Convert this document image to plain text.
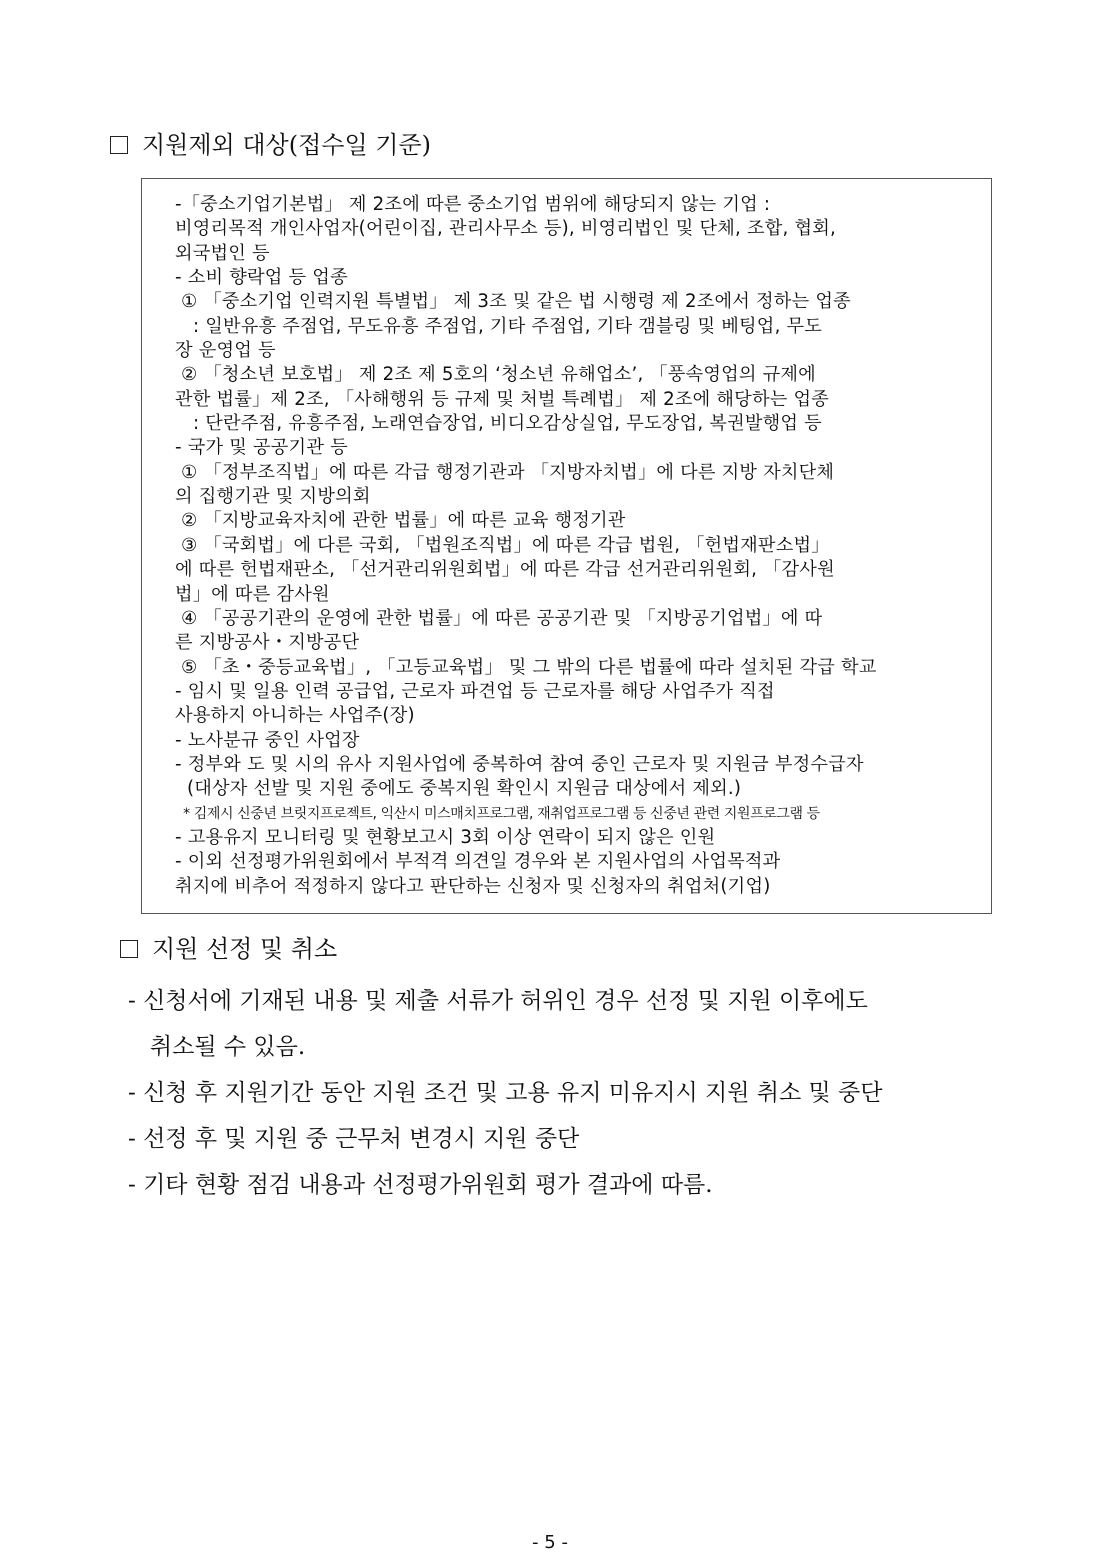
지원제외 대상(접수일 기준)
-「중소기업기본법」 제 2조에 따른 중소기업 범위에 해당되지 않는 기업 :
비영리목적 개인사업자(어린이집, 관리사무소 등), 비영리법인 및 단체, 조합, 협회,
외국법인 등
- 소비 향락업 등 업종
① 「중소기업 인력지원 특별법」 제 3조 및 같은 법 시행령 제 2조에서 정하는 업종
: 일반유흥 주점업, 무도유흥 주점업, 기타 주점업, 기타 갬블링 및 베팅업, 무도
장 운영업 등
② 「청소년 보호법」 제 2조 제 5호의 ‘청소년 유해업소’, 「풍속영업의 규제에
관한 법률」제 2조, 「사해행위 등 규제 및 처벌 특례법」 제 2조에 해당하는 업종
: 단란주점, 유흥주점, 노래연습장업, 비디오감상실업, 무도장업, 복권발행업 등
- 국가 및 공공기관 등
① 「정부조직법」에 따른 각급 행정기관과 「지방자치법」에 다른 지방 자치단체
의 집행기관 및 지방의회
② 「지방교육자치에 관한 법률」에 따른 교육 행정기관
③ 「국회법」에 다른 국회, 「법원조직법」에 따른 각급 법원, 「헌법재판소법」
에 따른 헌법재판소, 「선거관리위원회법」에 따른 각급 선거관리위원회, 「감사원
법」에 따른 감사원
④ 「공공기관의 운영에 관한 법률」에 따른 공공기관 및 「지방공기업법」에 따
른 지방공사・지방공단
⑤ 「초・중등교육법」, 「고등교육법」 및 그 밖의 다른 법률에 따라 설치된 각급 학교
- 임시 및 일용 인력 공급업, 근로자 파견업 등 근로자를 해당 사업주가 직접
사용하지 아니하는 사업주(장)
- 노사분규 중인 사업장
- 정부와 도 및 시의 유사 지원사업에 중복하여 참여 중인 근로자 및 지원금 부정수급자
(대상자 선발 및 지원 중에도 중복지원 확인시 지원금 대상에서 제외.)
* 김제시 신중년 브릿지프로젝트, 익산시 미스매치프로그램, 재취업프로그램 등 신중년 관련 지원프로그램 등
- 고용유지 모니터링 및 현황보고시 3회 이상 연락이 되지 않은 인원
- 이외 선정평가위원회에서 부적격 의견일 경우와 본 지원사업의 사업목적과
취지에 비추어 적정하지 않다고 판단하는 신청자 및 신청자의 취업처(기업)
지원 선정 및 취소
- 신청서에 기재된 내용 및 제출 서류가 허위인 경우 선정 및 지원 이후에도
취소될 수 있음.
- 신청 후 지원기간 동안 지원 조건 및 고용 유지 미유지시 지원 취소 및 중단
- 선정 후 및 지원 중 근무처 변경시 지원 중단
- 기타 현황 점검 내용과 선정평가위원회 평가 결과에 따름.
- 5 -
